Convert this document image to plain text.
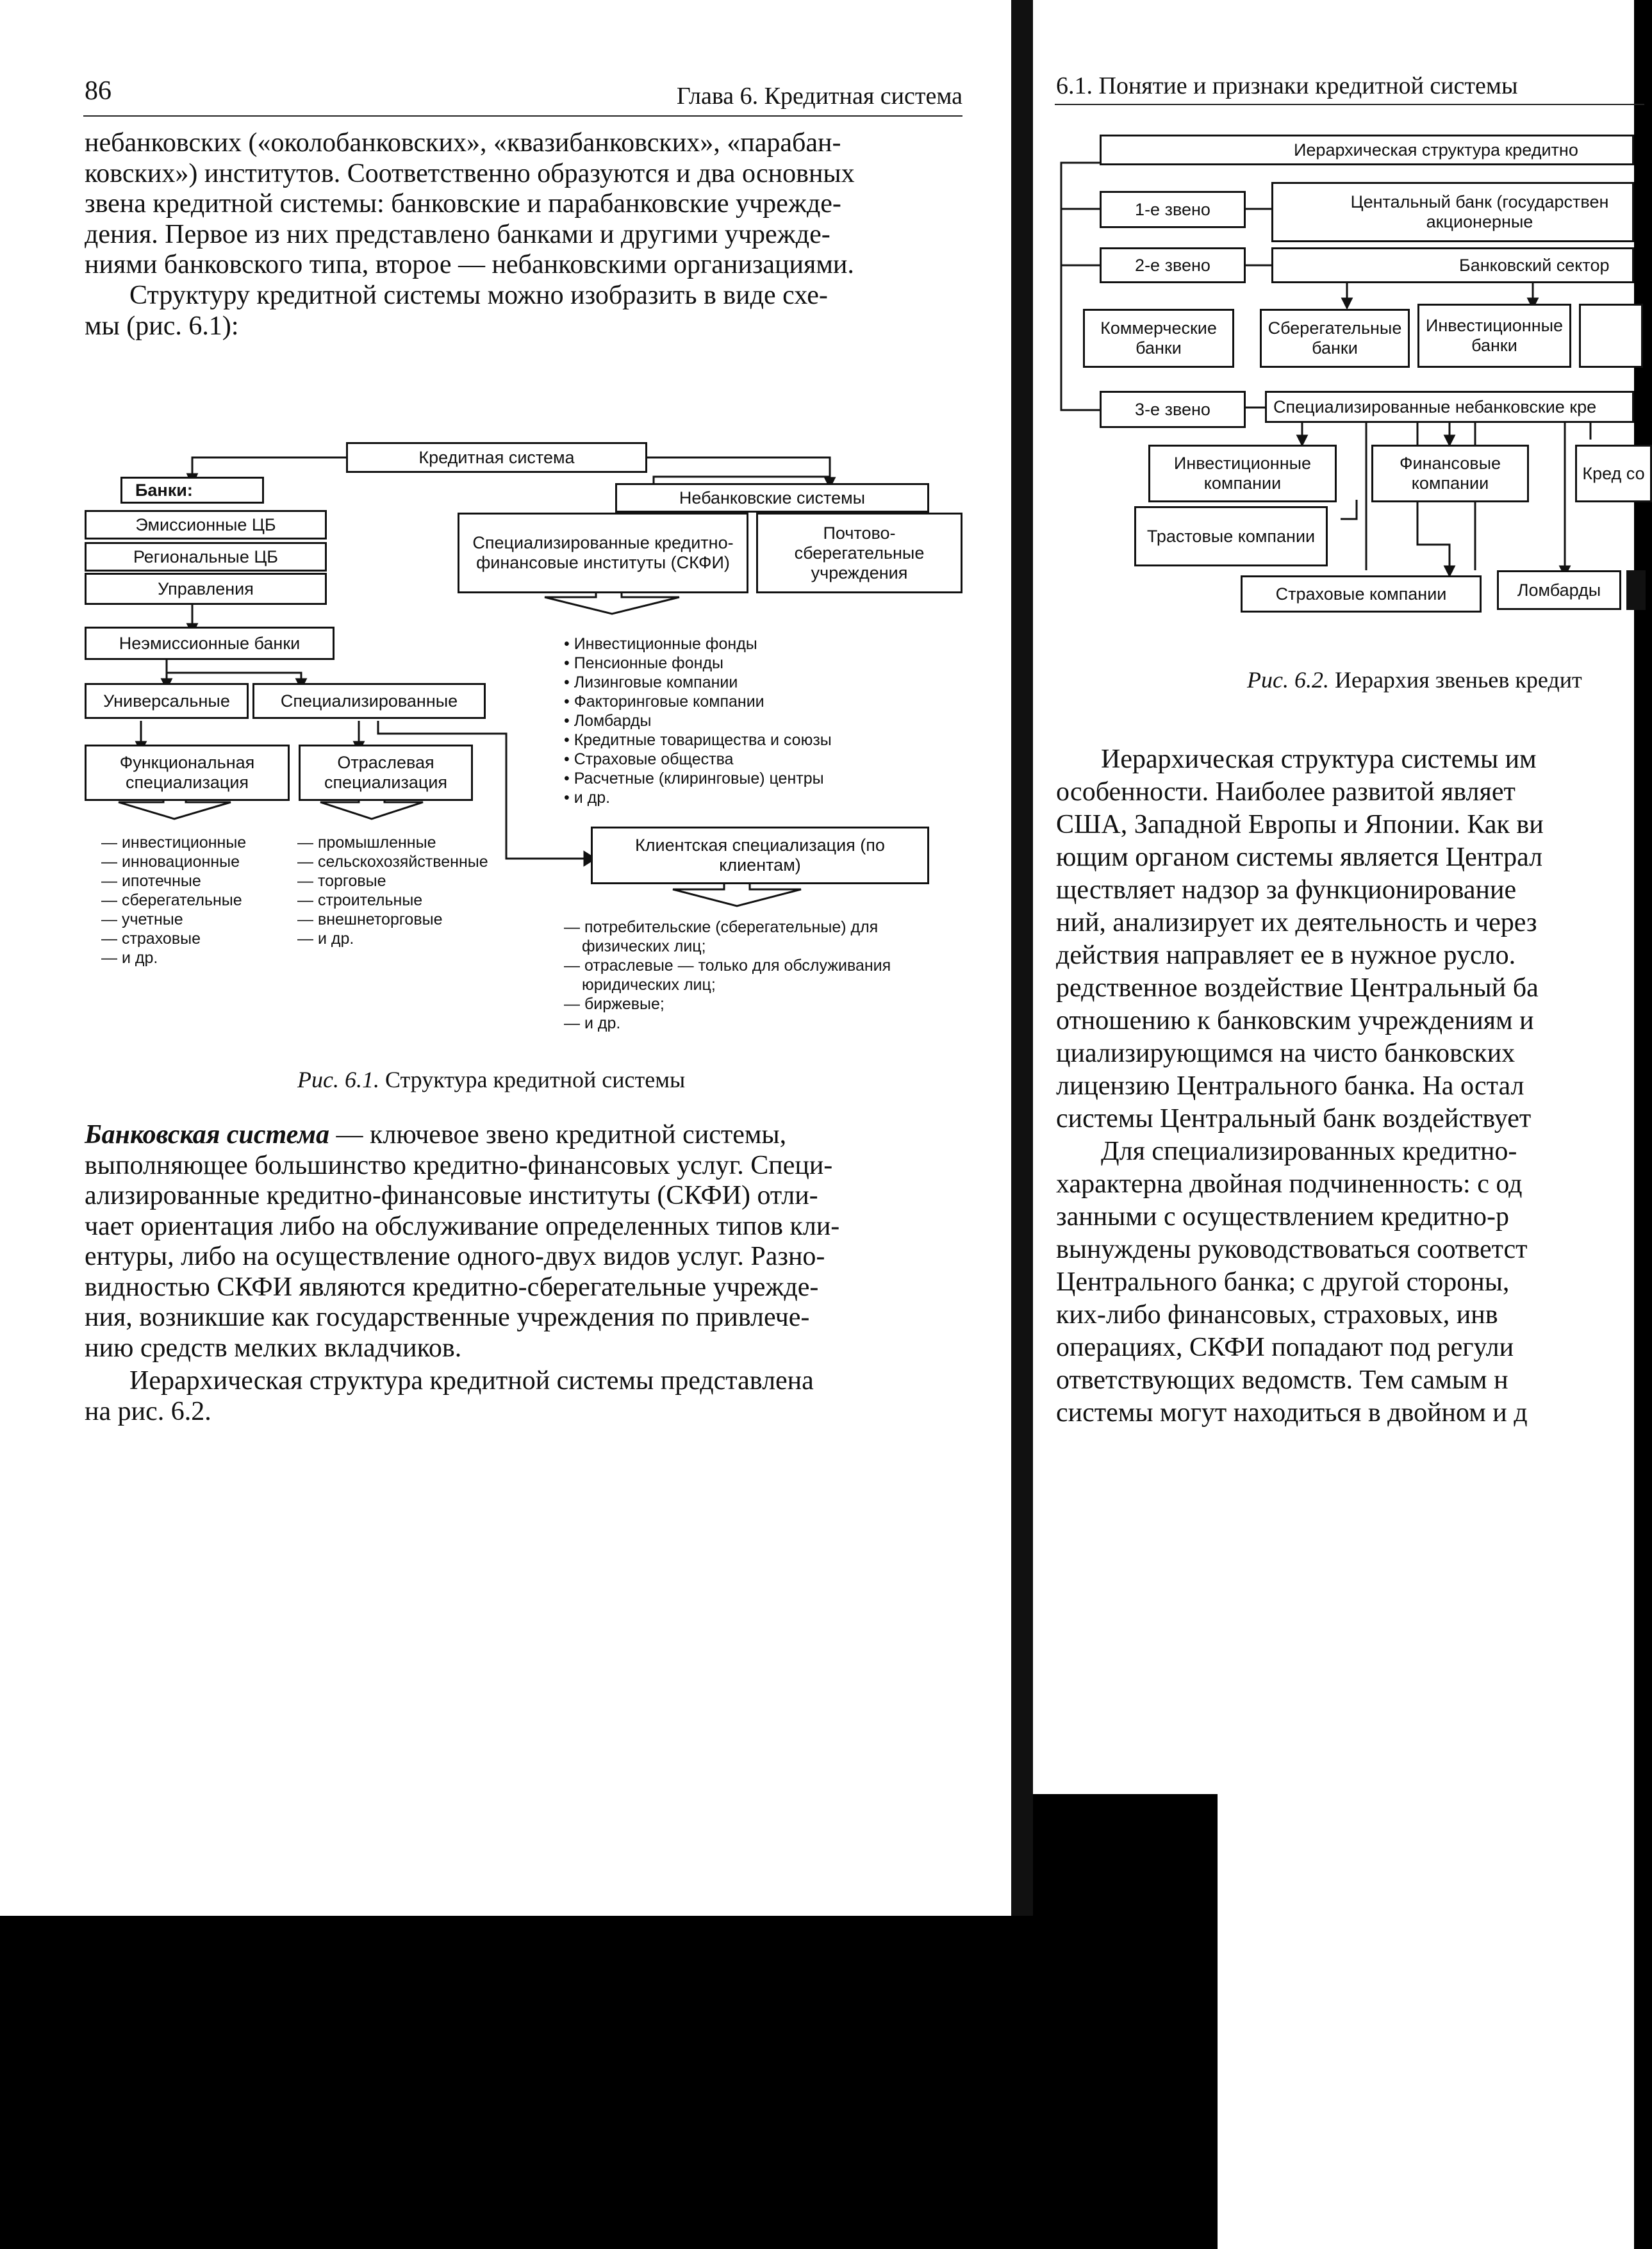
86	Глава 6. Кредитная система
небанковских («околобанковских», «квазибанковских», «парабан-
ковских») институтов. Соответственно образуются и два основных
звена кредитной системы: банковские и парабанковские учрежде-
дения. Первое из них представлено банками и другими учрежде-
ниями банковского типа, второе — небанковскими организациями.
Структуру кредитной системы можно изобразить в виде схе-
мы (рис. 6.1):
Кредитная система
Банки:
Эмиссионные ЦБ
Региональные ЦБ
Управления
Неэмиссионные банки
Универсальные	Специализированные
Функциональная специализация
Отраслевая специализация
Небанковские системы
Специализированные кредитно-финансовые институты (СКФИ)
Почтово- сберегательные учреждения
Клиентская специализация (по клиентам)
• Инвестиционные фонды
• Пенсионные фонды
• Лизинговые компании
• Факторинговые компании
• Ломбарды
• Кредитные товарищества и союзы
• Страховые общества
• Расчетные (клиринговые) центры
• и др.
— инвестиционные
— инновационные
— ипотечные
— сберегательные
— учетные
— страховые
— и др.
— промышленные
— сельскохозяйственные
— торговые
— строительные
— внешнеторговые
— и др.
— потребительские (сберегательные) для
физических лиц;
— отраслевые — только для обслуживания
юридических лиц;
— биржевые;
— и др.
Рис. 6.1. Структура кредитной системы
Банковская система — ключевое звено кредитной системы,
выполняющее большинство кредитно-финансовых услуг. Специ-
ализированные кредитно-финансовые институты (СКФИ) отли-
чает ориентация либо на обслуживание определенных типов кли-
ентуры, либо на осуществление одного-двух видов услуг. Разно-
видностью СКФИ являются кредитно-сберегательные учрежде-
ния, возникшие как государственные учреждения по привлече-
нию средств мелких вкладчиков.
Иерархическая структура кредитной системы представлена
на рис. 6.2.
6.1. Понятие и признаки кредитной системы
Иерархическая структура кредитно
1-е звено	Центальный банк (государствен акционерные
2-е звено	Банковский сектор
Коммерческие банки
Сберегательные банки
Инвестиционные банки
3-е звено	Специализированные небанковские кре
Инвестиционные компании
Финансовые компании
Кред со
Трастовые компании
Страховые компании	Ломбарды
Рис. 6.2. Иерархия звеньев кредит
Иерархическая структура системы им
особенности. Наиболее развитой являет
США, Западной Европы и Японии. Как ви
ющим органом системы является Централ
ществляет надзор за функционирование
ний, анализирует их деятельность и через
действия направляет ее в нужное русло.
редственное воздействие Центральный ба
отношению к банковским учреждениям и
циализирующимся на чисто банковских
лицензию Центрального банка. На остал
системы Центральный банк воздействует
Для специализированных кредитно-
характерна двойная подчиненность: с од
занными с осуществлением кредитно-р
вынуждены руководствоваться соответст
Центрального банка; с другой стороны,
ких-либо финансовых, страховых, инв
операциях, СКФИ попадают под регули
ответствующих ведомств. Тем самым н
системы могут находиться в двойном и д
